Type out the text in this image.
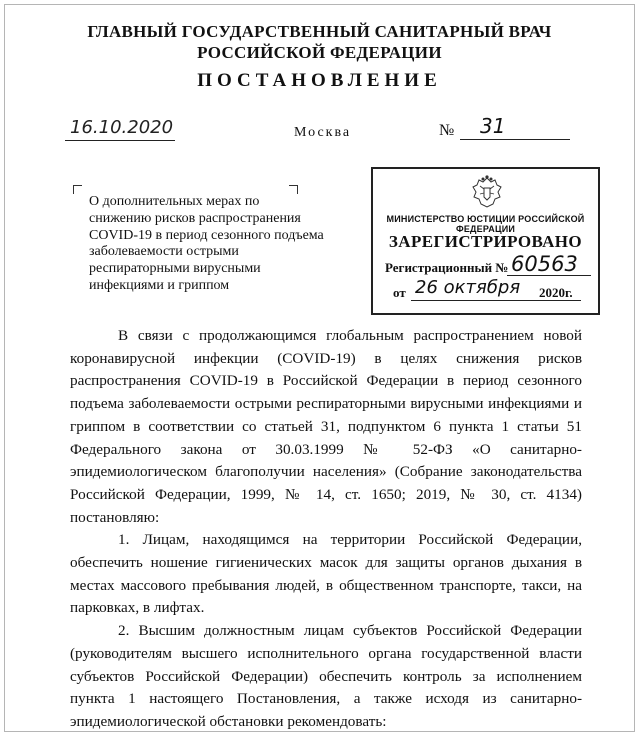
ГЛАВНЫЙ ГОСУДАРСТВЕННЫЙ САНИТАРНЫЙ ВРАЧ
РОССИЙСКОЙ ФЕДЕРАЦИИ
ПОСТАНОВЛЕНИЕ
16.10.2020	Москва	№ 31

О дополнительных мерах по снижению рисков распространения COVID-19 в период сезонного подъема заболеваемости острыми респираторными вирусными инфекциями и гриппом

МИНИСТЕРСТВО ЮСТИЦИИ РОССИЙСКОЙ ФЕДЕРАЦИИ
ЗАРЕГИСТРИРОВАНО
Регистрационный № 60563
от 26 октября 2020г.

В связи с продолжающимся глобальным распространением новой коронавирусной инфекции (COVID-19) в целях снижения рисков распространения COVID-19 в Российской Федерации в период сезонного подъема заболеваемости острыми респираторными вирусными инфекциями и гриппом в соответствии со статьей 31, подпунктом 6 пункта 1 статьи 51 Федерального закона от 30.03.1999 № 52-ФЗ «О санитарно-эпидемиологическом благополучии населения» (Собрание законодательства Российской Федерации, 1999, № 14, ст. 1650; 2019, № 30, ст. 4134) постановляю:

1. Лицам, находящимся на территории Российской Федерации, обеспечить ношение гигиенических масок для защиты органов дыхания в местах массового пребывания людей, в общественном транспорте, такси, на парковках, в лифтах.

2. Высшим должностным лицам субъектов Российской Федерации (руководителям высшего исполнительного органа государственной власти субъектов Российской Федерации) обеспечить контроль за исполнением пункта 1 настоящего Постановления, а также исходя из санитарно-эпидемиологической обстановки рекомендовать:
